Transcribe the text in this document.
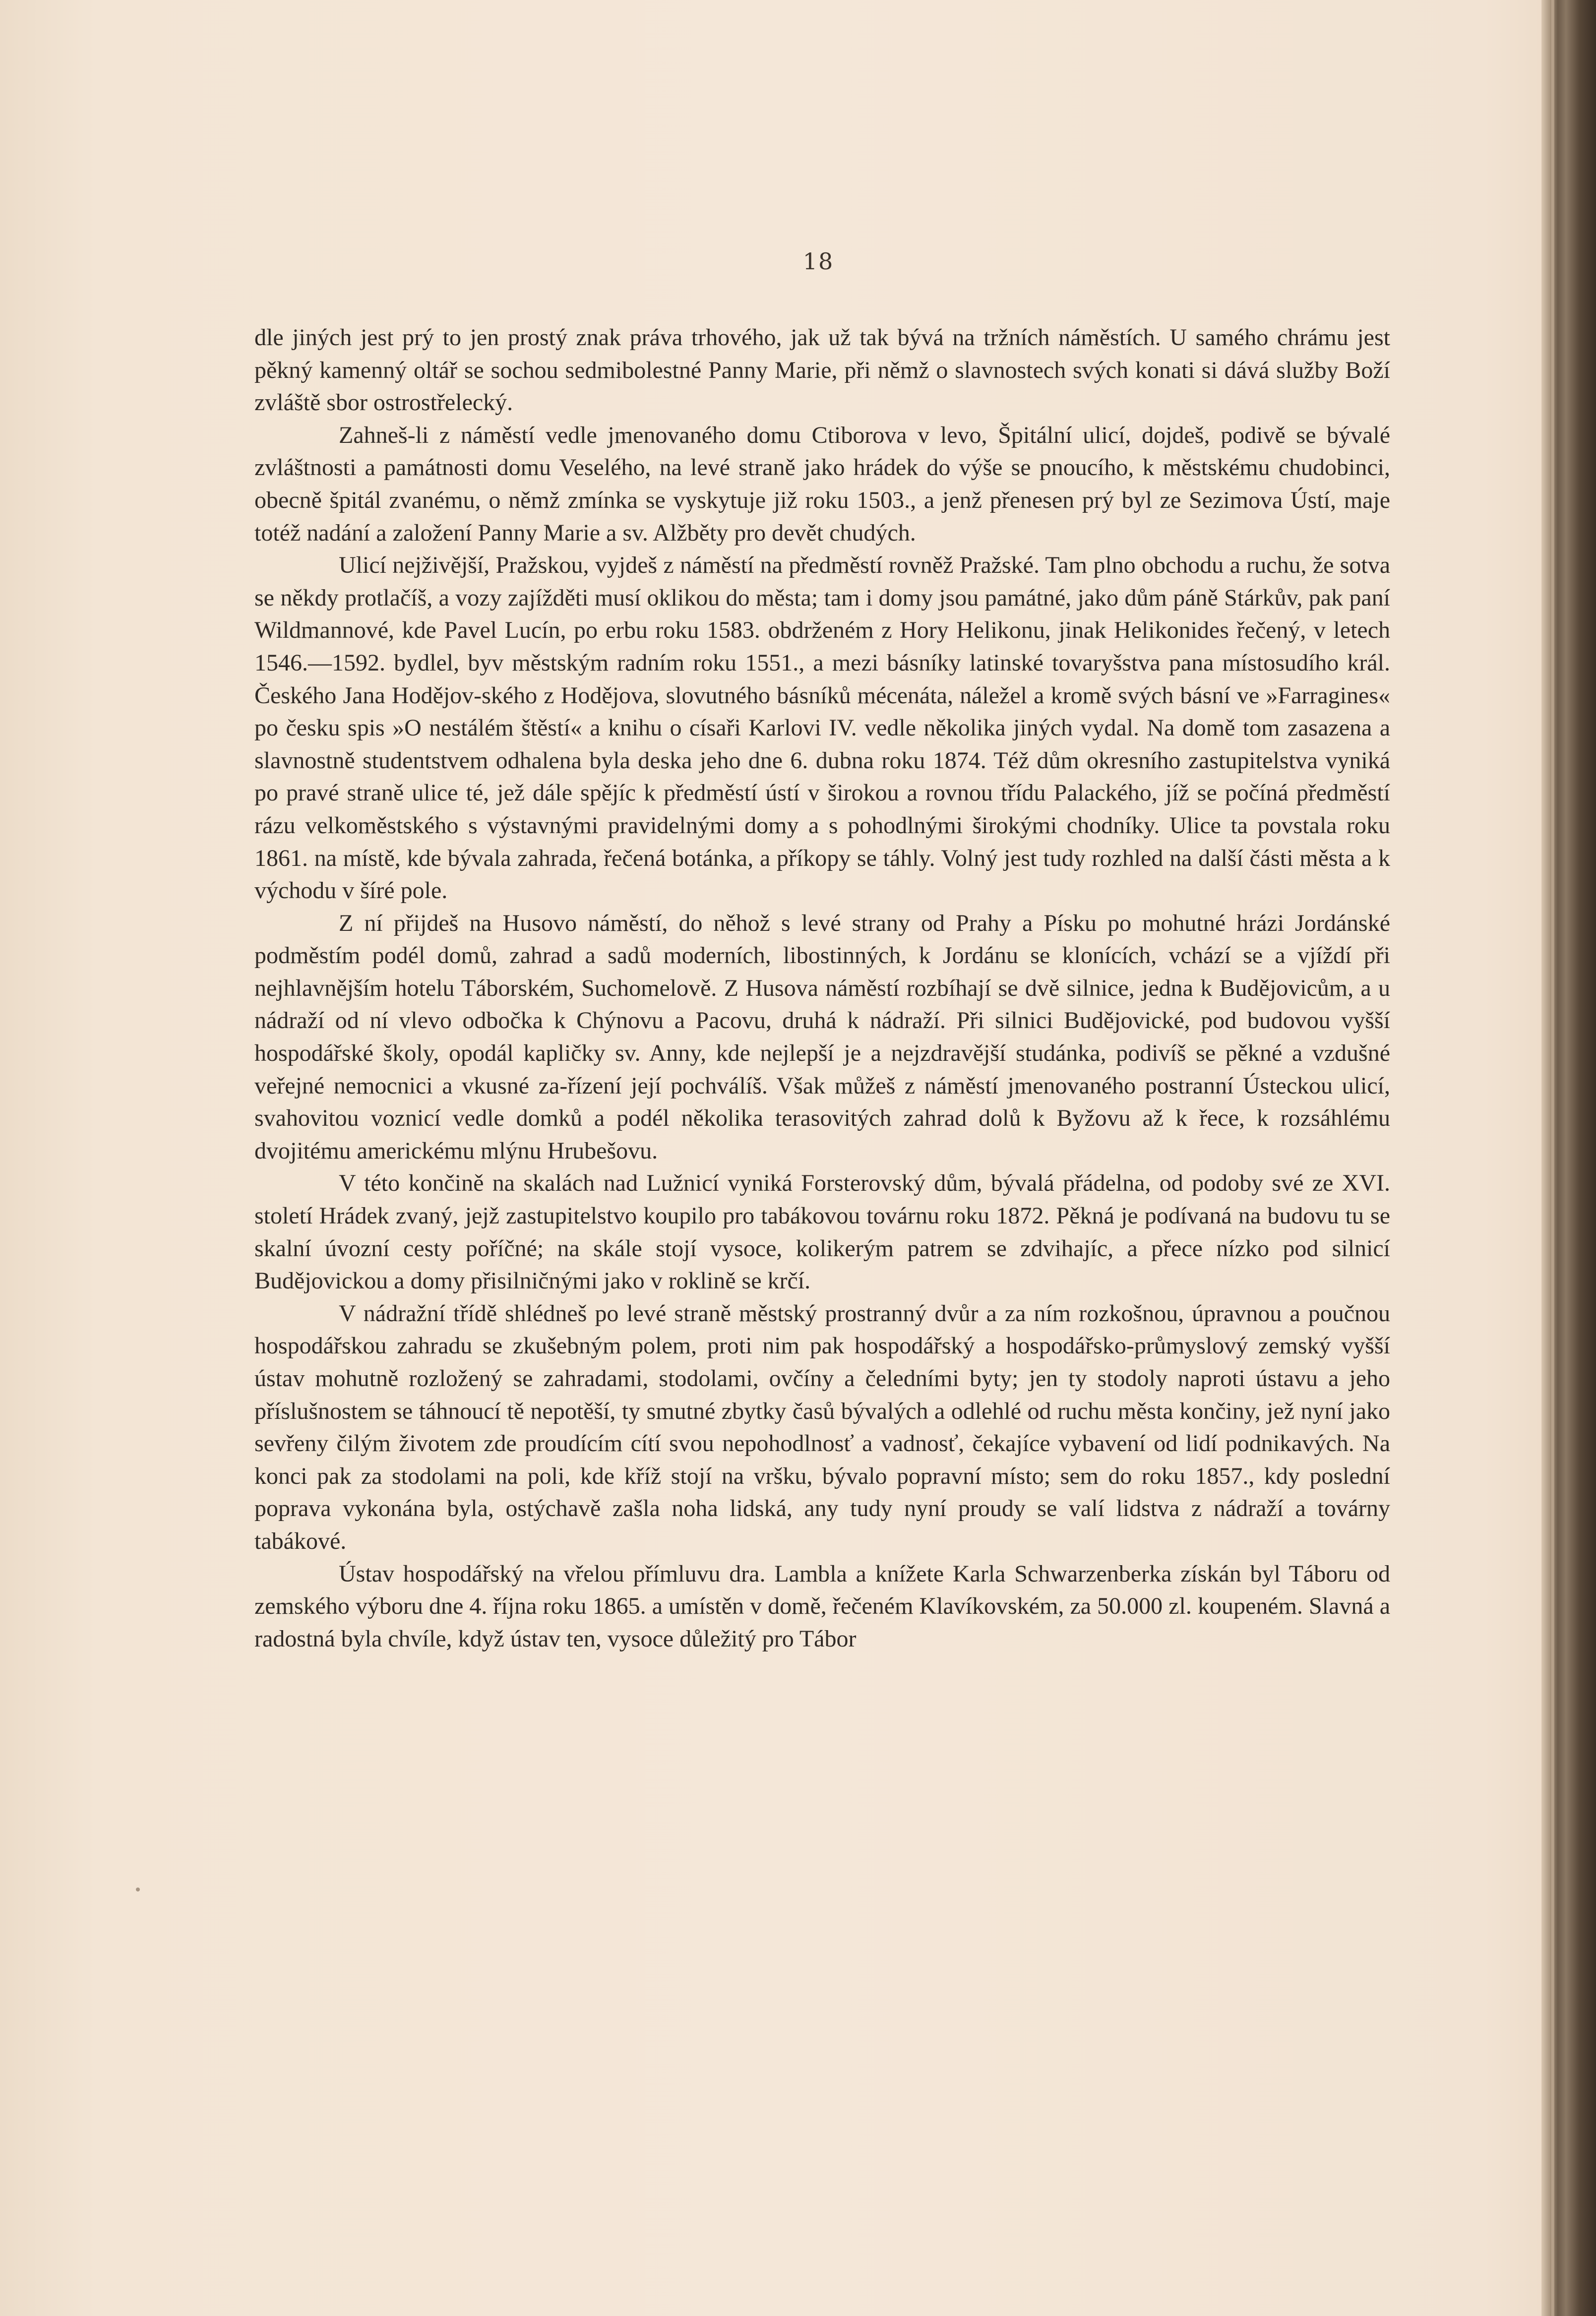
18

dle jiných jest prý to jen prostý znak práva trhového, jak už tak bývá na tržních náměstích. U samého chrámu jest pěkný kamenný oltář se sochou sedmibolestné Panny Marie, při němž o slavnostech svých konati si dává služby Boží zvláště sbor ostrostřelecký.

Zahneš-li z náměstí vedle jmenovaného domu Ctiborova v levo, Špitální ulicí, dojdeš, podivě se bývalé zvláštnosti a památnosti domu Veselého, na levé straně jako hrádek do výše se pnoucího, k městskému chudobinci, obecně špitál zvanému, o němž zmínka se vyskytuje již roku 1503., a jenž přenesen prý byl ze Sezimova Ústí, maje totéž nadání a založení Panny Marie a sv. Alžběty pro devět chudých.

Ulicí nejživější, Pražskou, vyjdeš z náměstí na předměstí rovněž Pražské. Tam plno obchodu a ruchu, že sotva se někdy protlačíš, a vozy zajížděti musí oklikou do města; tam i domy jsou památné, jako dům páně Stárkův, pak paní Wildmannové, kde Pavel Lucín, po erbu roku 1583. obdrženém z Hory Helikonu, jinak Helikonides řečený, v letech 1546.—1592. bydlel, byv městským radním roku 1551., a mezi básníky latinské tovaryšstva pana místosudího král. Českého Jana Hodějov-ského z Hodějova, slovutného básníků mécenáta, náležel a kromě svých básní ve »Farragines« po česku spis »O nestálém štěstí« a knihu o císaři Karlovi IV. vedle několika jiných vydal. Na domě tom zasazena a slavnostně studentstvem odhalena byla deska jeho dne 6. dubna roku 1874. Též dům okresního zastupitelstva vyniká po pravé straně ulice té, jež dále spějíc k předměstí ústí v širokou a rovnou třídu Palackého, jíž se počíná předměstí rázu velkoměstského s výstavnými pravidelnými domy a s pohodlnými širokými chodníky. Ulice ta povstala roku 1861. na místě, kde bývala zahrada, řečená botánka, a příkopy se táhly. Volný jest tudy rozhled na další části města a k východu v šíré pole.

Z ní přijdeš na Husovo náměstí, do něhož s levé strany od Prahy a Písku po mohutné hrázi Jordánské podměstím podél domů, zahrad a sadů moderních, libostinných, k Jordánu se klonících, vchází se a vjíždí při nejhlavnějším hotelu Táborském, Suchomelově. Z Husova náměstí rozbíhají se dvě silnice, jedna k Budějovicům, a u nádraží od ní vlevo odbočka k Chýnovu a Pacovu, druhá k nádraží. Při silnici Budějovické, pod budovou vyšší hospodářské školy, opodál kapličky sv. Anny, kde nejlepší je a nejzdravější studánka, podivíš se pěkné a vzdušné veřejné nemocnici a vkusné za-řízení její pochválíš. Však můžeš z náměstí jmenovaného postranní Ústeckou ulicí, svahovitou voznicí vedle domků a podél několika terasovitých zahrad dolů k Byžovu až k řece, k rozsáhlému dvojitému americkému mlýnu Hrubešovu.

V této končině na skalách nad Lužnicí vyniká Forsterovský dům, bývalá přádelna, od podoby své ze XVI. století Hrádek zvaný, jejž zastupitelstvo koupilo pro tabákovou továrnu roku 1872. Pěkná je podívaná na budovu tu se skalní úvozní cesty poříčné; na skále stojí vysoce, kolikerým patrem se zdvihajíc, a přece nízko pod silnicí Budějovickou a domy přisilničnými jako v roklině se krčí.

V nádražní třídě shlédneš po levé straně městský prostranný dvůr a za ním rozkošnou, úpravnou a poučnou hospodářskou zahradu se zkušebným polem, proti nim pak hospodářský a hospodářsko-průmyslový zemský vyšší ústav mohutně rozložený se zahradami, stodolami, ovčíny a čeledními byty; jen ty stodoly naproti ústavu a jeho příslušnostem se táhnoucí tě nepotěší, ty smutné zbytky časů bývalých a odlehlé od ruchu města končiny, jež nyní jako sevřeny čilým životem zde proudícím cítí svou nepohodlnosť a vadnosť, čekajíce vybavení od lidí podnikavých. Na konci pak za stodolami na poli, kde kříž stojí na vršku, bývalo popravní místo; sem do roku 1857., kdy poslední poprava vykonána byla, ostýchavě zašla noha lidská, any tudy nyní proudy se valí lidstva z nádraží a továrny tabákové.

Ústav hospodářský na vřelou přímluvu dra. Lambla a knížete Karla Schwarzenberka získán byl Táboru od zemského výboru dne 4. října roku 1865. a umístěn v domě, řečeném Klavíkovském, za 50.000 zl. koupeném. Slavná a radostná byla chvíle, když ústav ten, vysoce důležitý pro Tábor
